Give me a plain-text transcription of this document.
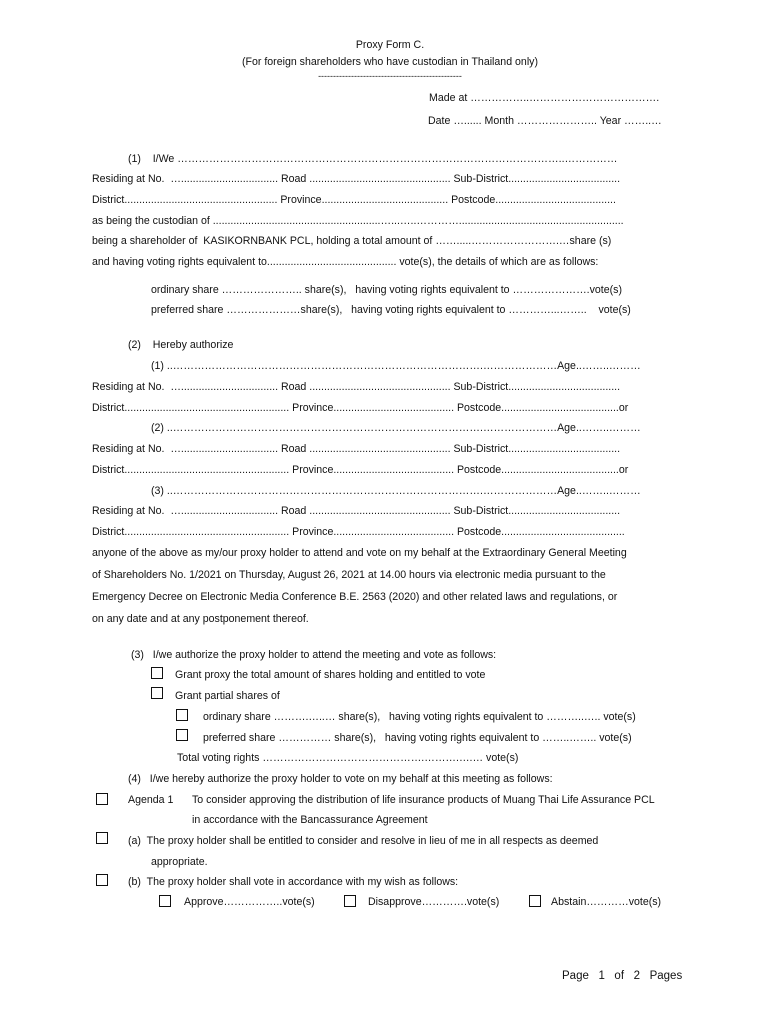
Proxy Form C.
(For foreign shareholders who have custodian in Thailand only)
------------------------------------------------
Made at ……………..……………………………….
Date …...... Month ………………….. Year ……..…
(1)    I/We ………………………………………………………………………………………………..……………
Residing at No.  …................................. Road ................................................ Sub-District......................................
District.................................................... Province........................................... Postcode.........................................
as being the custodian of .........................................................…...…..…………........................................................
being a shareholder of  KASIKORNBANK PCL, holding a total amount of …….....…………………….…share (s)
and having voting rights equivalent to............................................ vote(s), the details of which are as follows:
ordinary share ………………….. share(s),   having voting rights equivalent to ………………….vote(s)
preferred share …………………share(s),   having voting rights equivalent to …………...……..    vote(s)
(2)    Hereby authorize
(1) ..…………………………………………………………………………….…………………Age..……..………
Residing at No.  …................................. Road ................................................ Sub-District......................................
District........................................................ Province......................................... Postcode........................................or
(2) ..…………………………………………………………………………….…………………Age..……..………
Residing at No.  …................................. Road ................................................ Sub-District......................................
District........................................................ Province......................................... Postcode........................................or
(3) ..…………………………………………………………………………….…………………Age..……..………
Residing at No.  …................................. Road ................................................ Sub-District......................................
District........................................................ Province......................................... Postcode..........................................
anyone of the above as my/our proxy holder to attend and vote on my behalf at the Extraordinary General Meeting
of Shareholders No. 1/2021 on Thursday, August 26, 2021 at 14.00 hours via electronic media pursuant to the
Emergency Decree on Electronic Media Conference B.E. 2563 (2020) and other related laws and regulations, or
on any date and at any postponement thereof.
(3)   I/we authorize the proxy holder to attend the meeting and vote as follows:
Grant proxy the total amount of shares holding and entitled to vote
Grant partial shares of
ordinary share ……….…..… share(s),   having voting rights equivalent to ………..….. vote(s)
preferred share …………… share(s),   having voting rights equivalent to ……..…….. vote(s)
Total voting rights ……………………………………….……….….… vote(s)
(4)   I/we hereby authorize the proxy holder to vote on my behalf at this meeting as follows:
Agenda 1 To consider approving the distribution of life insurance products of Muang Thai Life Assurance PCL
in accordance with the Bancassurance Agreement
(a)  The proxy holder shall be entitled to consider and resolve in lieu of me in all respects as deemed
appropriate.
(b)  The proxy holder shall vote in accordance with my wish as follows:
Approve……………..vote(s)	Disapprove………….vote(s)	Abstain…………vote(s)
Page   1   of   2   Pages
